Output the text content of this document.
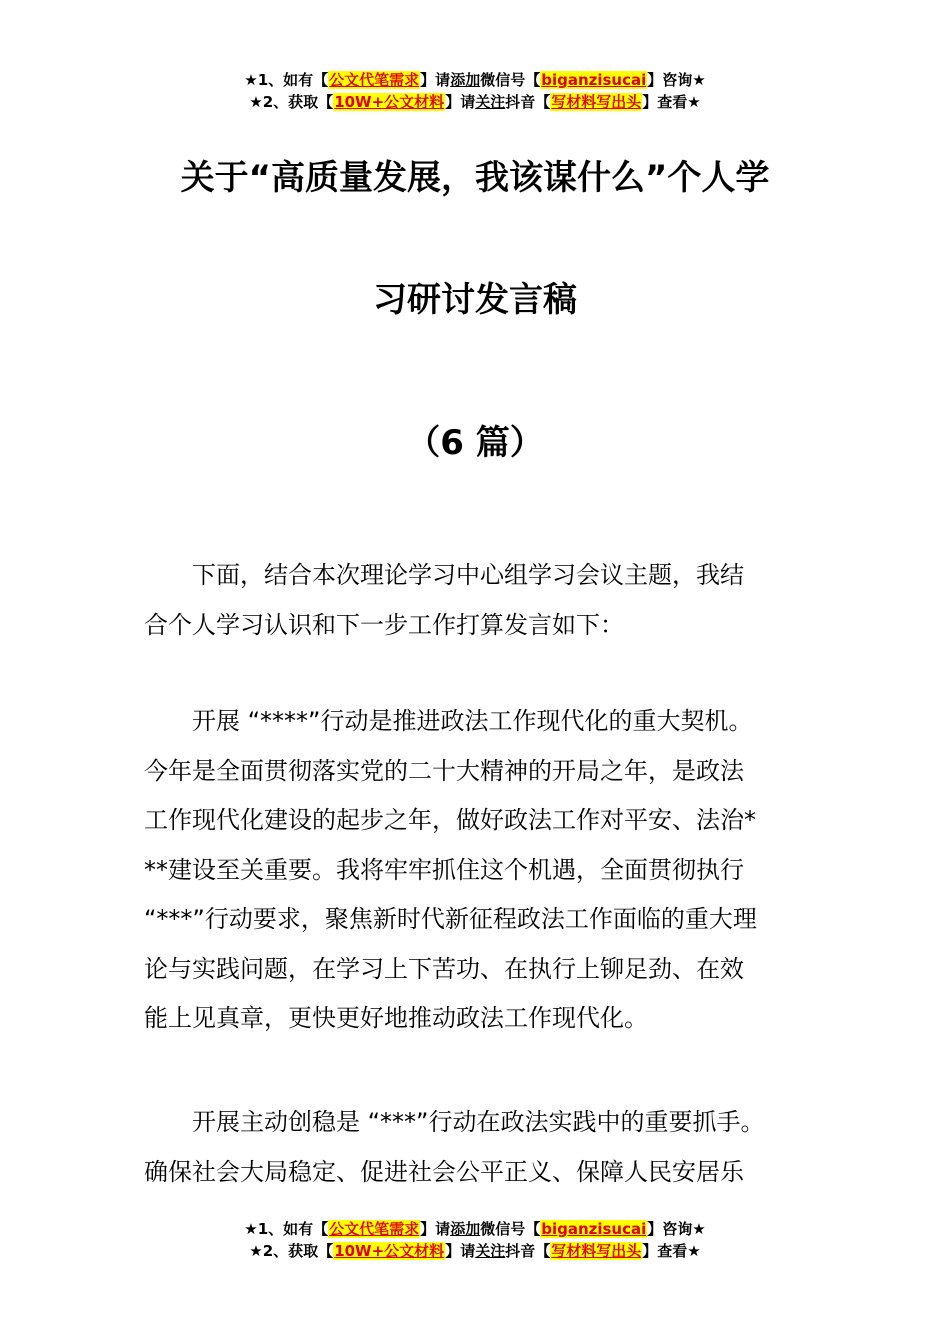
★1、如有【公文代笔需求】请添加微信号【biganzisucai】咨询★
★2、获取【10W+公文材料】请关注抖音【写材料写出头】查看★
关于“高质量发展，我该谋什么”个人学
习研讨发言稿
（6 篇）
　　下面，结合本次理论学习中心组学习会议主题，我结
合个人学习认识和下一步工作打算发言如下：
　　开展 “****”行动是推进政法工作现代化的重大契机。
今年是全面贯彻落实党的二十大精神的开局之年，是政法
工作现代化建设的起步之年，做好政法工作对平安、法治*
**建设至关重要。我将牢牢抓住这个机遇，全面贯彻执行
“***”行动要求，聚焦新时代新征程政法工作面临的重大理
论与实践问题，在学习上下苦功、在执行上铆足劲、在效
能上见真章，更快更好地推动政法工作现代化。
　　开展主动创稳是 “***”行动在政法实践中的重要抓手。
确保社会大局稳定、促进社会公平正义、保障人民安居乐
★1、如有【公文代笔需求】请添加微信号【biganzisucai】咨询★
★2、获取【10W+公文材料】请关注抖音【写材料写出头】查看★
